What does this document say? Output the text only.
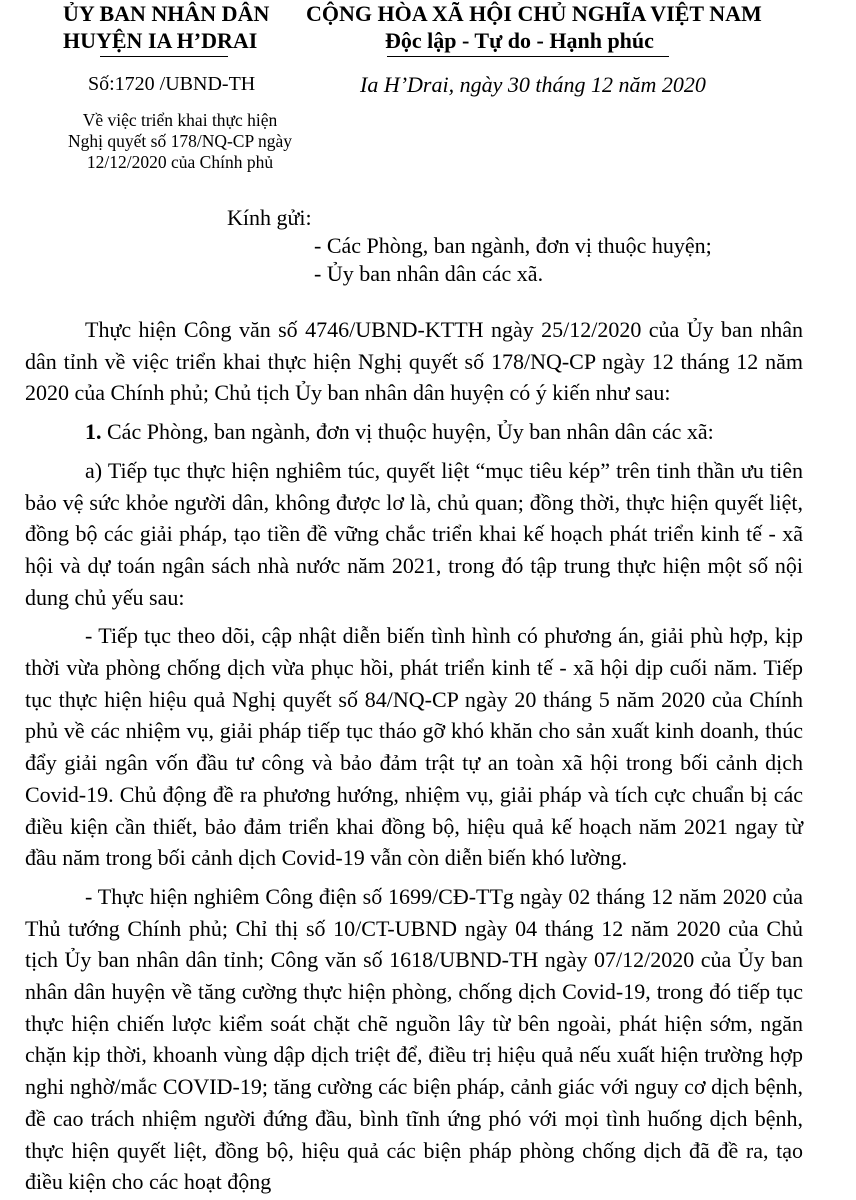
ỦY BAN NHÂN DÂN
HUYỆN IA H’DRAI
CỘNG HÒA XÃ HỘI CHỦ NGHĨA VIỆT NAM
Độc lập - Tự do - Hạnh phúc
Số:1720 /UBND-TH	Ia H’Drai, ngày 30 tháng 12 năm 2020
Về việc triển khai thực hiện
Nghị quyết số 178/NQ-CP ngày
12/12/2020 của Chính phủ
Kính gửi:
- Các Phòng, ban ngành, đơn vị thuộc huyện;
- Ủy ban nhân dân các xã.

Thực hiện Công văn số 4746/UBND-KTTH ngày 25/12/2020 của Ủy ban nhân dân tỉnh về việc triển khai thực hiện Nghị quyết số 178/NQ-CP ngày 12 tháng 12 năm 2020 của Chính phủ; Chủ tịch Ủy ban nhân dân huyện có ý kiến như sau:

1. Các Phòng, ban ngành, đơn vị thuộc huyện, Ủy ban nhân dân các xã:

a) Tiếp tục thực hiện nghiêm túc, quyết liệt “mục tiêu kép” trên tinh thần ưu tiên bảo vệ sức khỏe người dân, không được lơ là, chủ quan; đồng thời, thực hiện quyết liệt, đồng bộ các giải pháp, tạo tiền đề vững chắc triển khai kế hoạch phát triển kinh tế - xã hội và dự toán ngân sách nhà nước năm 2021, trong đó tập trung thực hiện một số nội dung chủ yếu sau:

- Tiếp tục theo dõi, cập nhật diễn biến tình hình có phương án, giải phù hợp, kịp thời vừa phòng chống dịch vừa phục hồi, phát triển kinh tế - xã hội dịp cuối năm. Tiếp tục thực hiện hiệu quả Nghị quyết số 84/NQ-CP ngày 20 tháng 5 năm 2020 của Chính phủ về các nhiệm vụ, giải pháp tiếp tục tháo gỡ khó khăn cho sản xuất kinh doanh, thúc đẩy giải ngân vốn đầu tư công và bảo đảm trật tự an toàn xã hội trong bối cảnh dịch Covid-19. Chủ động đề ra phương hướng, nhiệm vụ, giải pháp và tích cực chuẩn bị các điều kiện cần thiết, bảo đảm triển khai đồng bộ, hiệu quả kế hoạch năm 2021 ngay từ đầu năm trong bối cảnh dịch Covid-19 vẫn còn diễn biến khó lường.

- Thực hiện nghiêm Công điện số 1699/CĐ-TTg ngày 02 tháng 12 năm 2020 của Thủ tướng Chính phủ; Chỉ thị số 10/CT-UBND ngày 04 tháng 12 năm 2020 của Chủ tịch Ủy ban nhân dân tỉnh; Công văn số 1618/UBND-TH ngày 07/12/2020 của Ủy ban nhân dân huyện về tăng cường thực hiện phòng, chống dịch Covid-19, trong đó tiếp tục thực hiện chiến lược kiểm soát chặt chẽ nguồn lây từ bên ngoài, phát hiện sớm, ngăn chặn kịp thời, khoanh vùng dập dịch triệt để, điều trị hiệu quả nếu xuất hiện trường hợp nghi nghờ/mắc COVID-19; tăng cường các biện pháp, cảnh giác với nguy cơ dịch bệnh, đề cao trách nhiệm người đứng đầu, bình tĩnh ứng phó với mọi tình huống dịch bệnh, thực hiện quyết liệt, đồng bộ, hiệu quả các biện pháp phòng chống dịch đã đề ra, tạo điều kiện cho các hoạt động
